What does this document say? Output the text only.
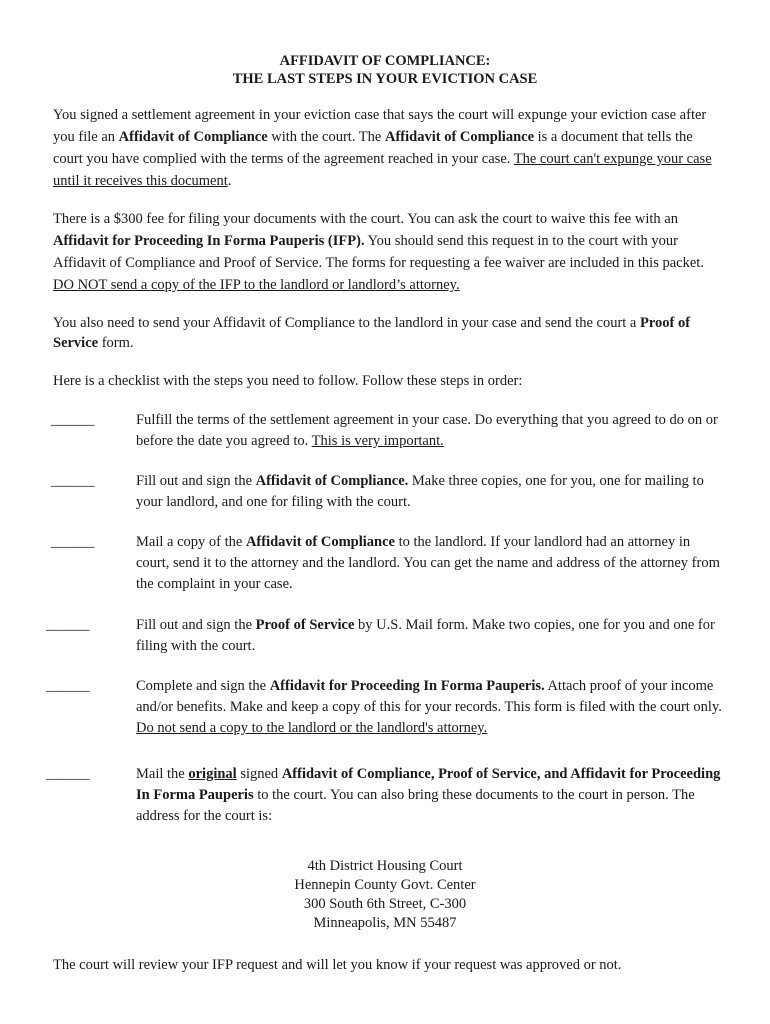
AFFIDAVIT OF COMPLIANCE:
THE LAST STEPS IN YOUR EVICTION CASE

You signed a settlement agreement in your eviction case that says the court will expunge your eviction case after you file an Affidavit of Compliance with the court. The Affidavit of Compliance is a document that tells the court you have complied with the terms of the agreement reached in your case. The court can't expunge your case until it receives this document.

There is a $300 fee for filing your documents with the court. You can ask the court to waive this fee with an Affidavit for Proceeding In Forma Pauperis (IFP). You should send this request in to the court with your Affidavit of Compliance and Proof of Service. The forms for requesting a fee waiver are included in this packet. DO NOT send a copy of the IFP to the landlord or landlord’s attorney.

You also need to send your Affidavit of Compliance to the landlord in your case and send the court a Proof of Service form.

Here is a checklist with the steps you need to follow. Follow these steps in order:

______	Fulfill the terms of the settlement agreement in your case. Do everything that you agreed to do on or before the date you agreed to. This is very important.

______	Fill out and sign the Affidavit of Compliance. Make three copies, one for you, one for mailing to your landlord, and one for filing with the court.

______	Mail a copy of the Affidavit of Compliance to the landlord. If your landlord had an attorney in court, send it to the attorney and the landlord. You can get the name and address of the attorney from the complaint in your case.

______	Fill out and sign the Proof of Service by U.S. Mail form. Make two copies, one for you and one for filing with the court.

______	Complete and sign the Affidavit for Proceeding In Forma Pauperis. Attach proof of your income and/or benefits. Make and keep a copy of this for your records. This form is filed with the court only. Do not send a copy to the landlord or the landlord's attorney.

______	Mail the original signed Affidavit of Compliance, Proof of Service, and Affidavit for Proceeding In Forma Pauperis to the court. You can also bring these documents to the court in person. The address for the court is:

4th District Housing Court
Hennepin County Govt. Center
300 South 6th Street, C-300
Minneapolis, MN 55487

The court will review your IFP request and will let you know if your request was approved or not.
